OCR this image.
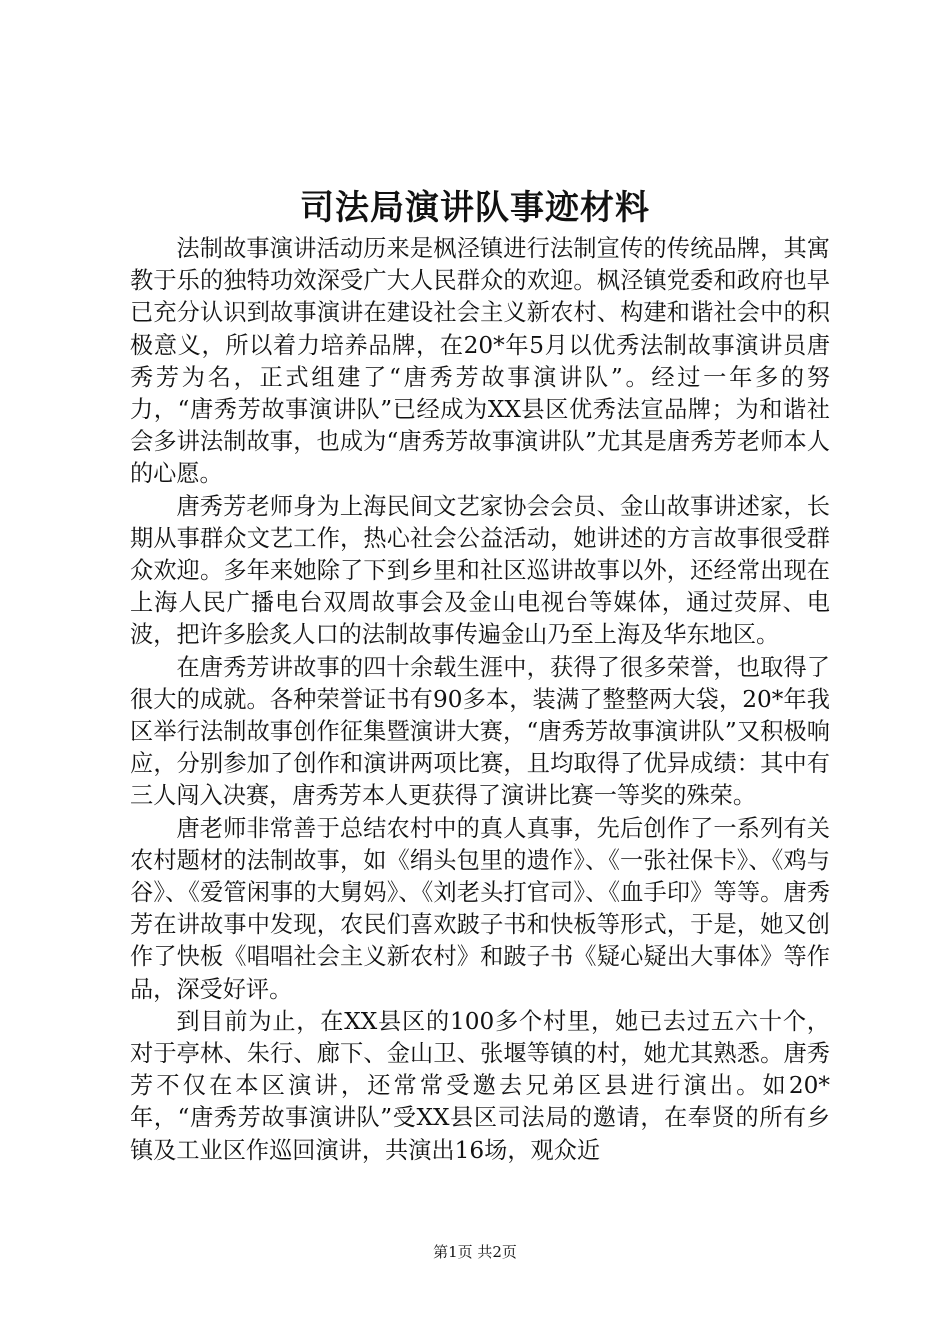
司法局演讲队事迹材料

法制故事演讲活动历来是枫泾镇进行法制宣传的传统品牌，其寓教于乐的独特功效深受广大人民群众的欢迎。枫泾镇党委和政府也早已充分认识到故事演讲在建设社会主义新农村、构建和谐社会中的积极意义，所以着力培养品牌，在20*年5月以优秀法制故事演讲员唐秀芳为名，正式组建了“唐秀芳故事演讲队”。经过一年多的努力，“唐秀芳故事演讲队”已经成为XX县区优秀法宣品牌；为和谐社会多讲法制故事，也成为“唐秀芳故事演讲队”尤其是唐秀芳老师本人的心愿。

唐秀芳老师身为上海民间文艺家协会会员、金山故事讲述家，长期从事群众文艺工作，热心社会公益活动，她讲述的方言故事很受群众欢迎。多年来她除了下到乡里和社区巡讲故事以外，还经常出现在上海人民广播电台双周故事会及金山电视台等媒体，通过荧屏、电波，把许多脍炙人口的法制故事传遍金山乃至上海及华东地区。

在唐秀芳讲故事的四十余载生涯中，获得了很多荣誉，也取得了很大的成就。各种荣誉证书有90多本，装满了整整两大袋，20*年我区举行法制故事创作征集暨演讲大赛，“唐秀芳故事演讲队”又积极响应，分别参加了创作和演讲两项比赛，且均取得了优异成绩：其中有三人闯入决赛，唐秀芳本人更获得了演讲比赛一等奖的殊荣。

唐老师非常善于总结农村中的真人真事，先后创作了一系列有关农村题材的法制故事，如《绢头包里的遗作》、《一张社保卡》、《鸡与谷》、《爱管闲事的大舅妈》、《刘老头打官司》、《血手印》等等。唐秀芳在讲故事中发现，农民们喜欢跛子书和快板等形式，于是，她又创作了快板《唱唱社会主义新农村》和跛子书《疑心疑出大事体》等作品，深受好评。

到目前为止，在XX县区的100多个村里，她已去过五六十个，对于亭林、朱行、廊下、金山卫、张堰等镇的村，她尤其熟悉。唐秀芳不仅在本区演讲，还常常受邀去兄弟区县进行演出。如20*年，“唐秀芳故事演讲队”受XX县区司法局的邀请，在奉贤的所有乡镇及工业区作巡回演讲，共演出16场，观众近

第1页 共2页
